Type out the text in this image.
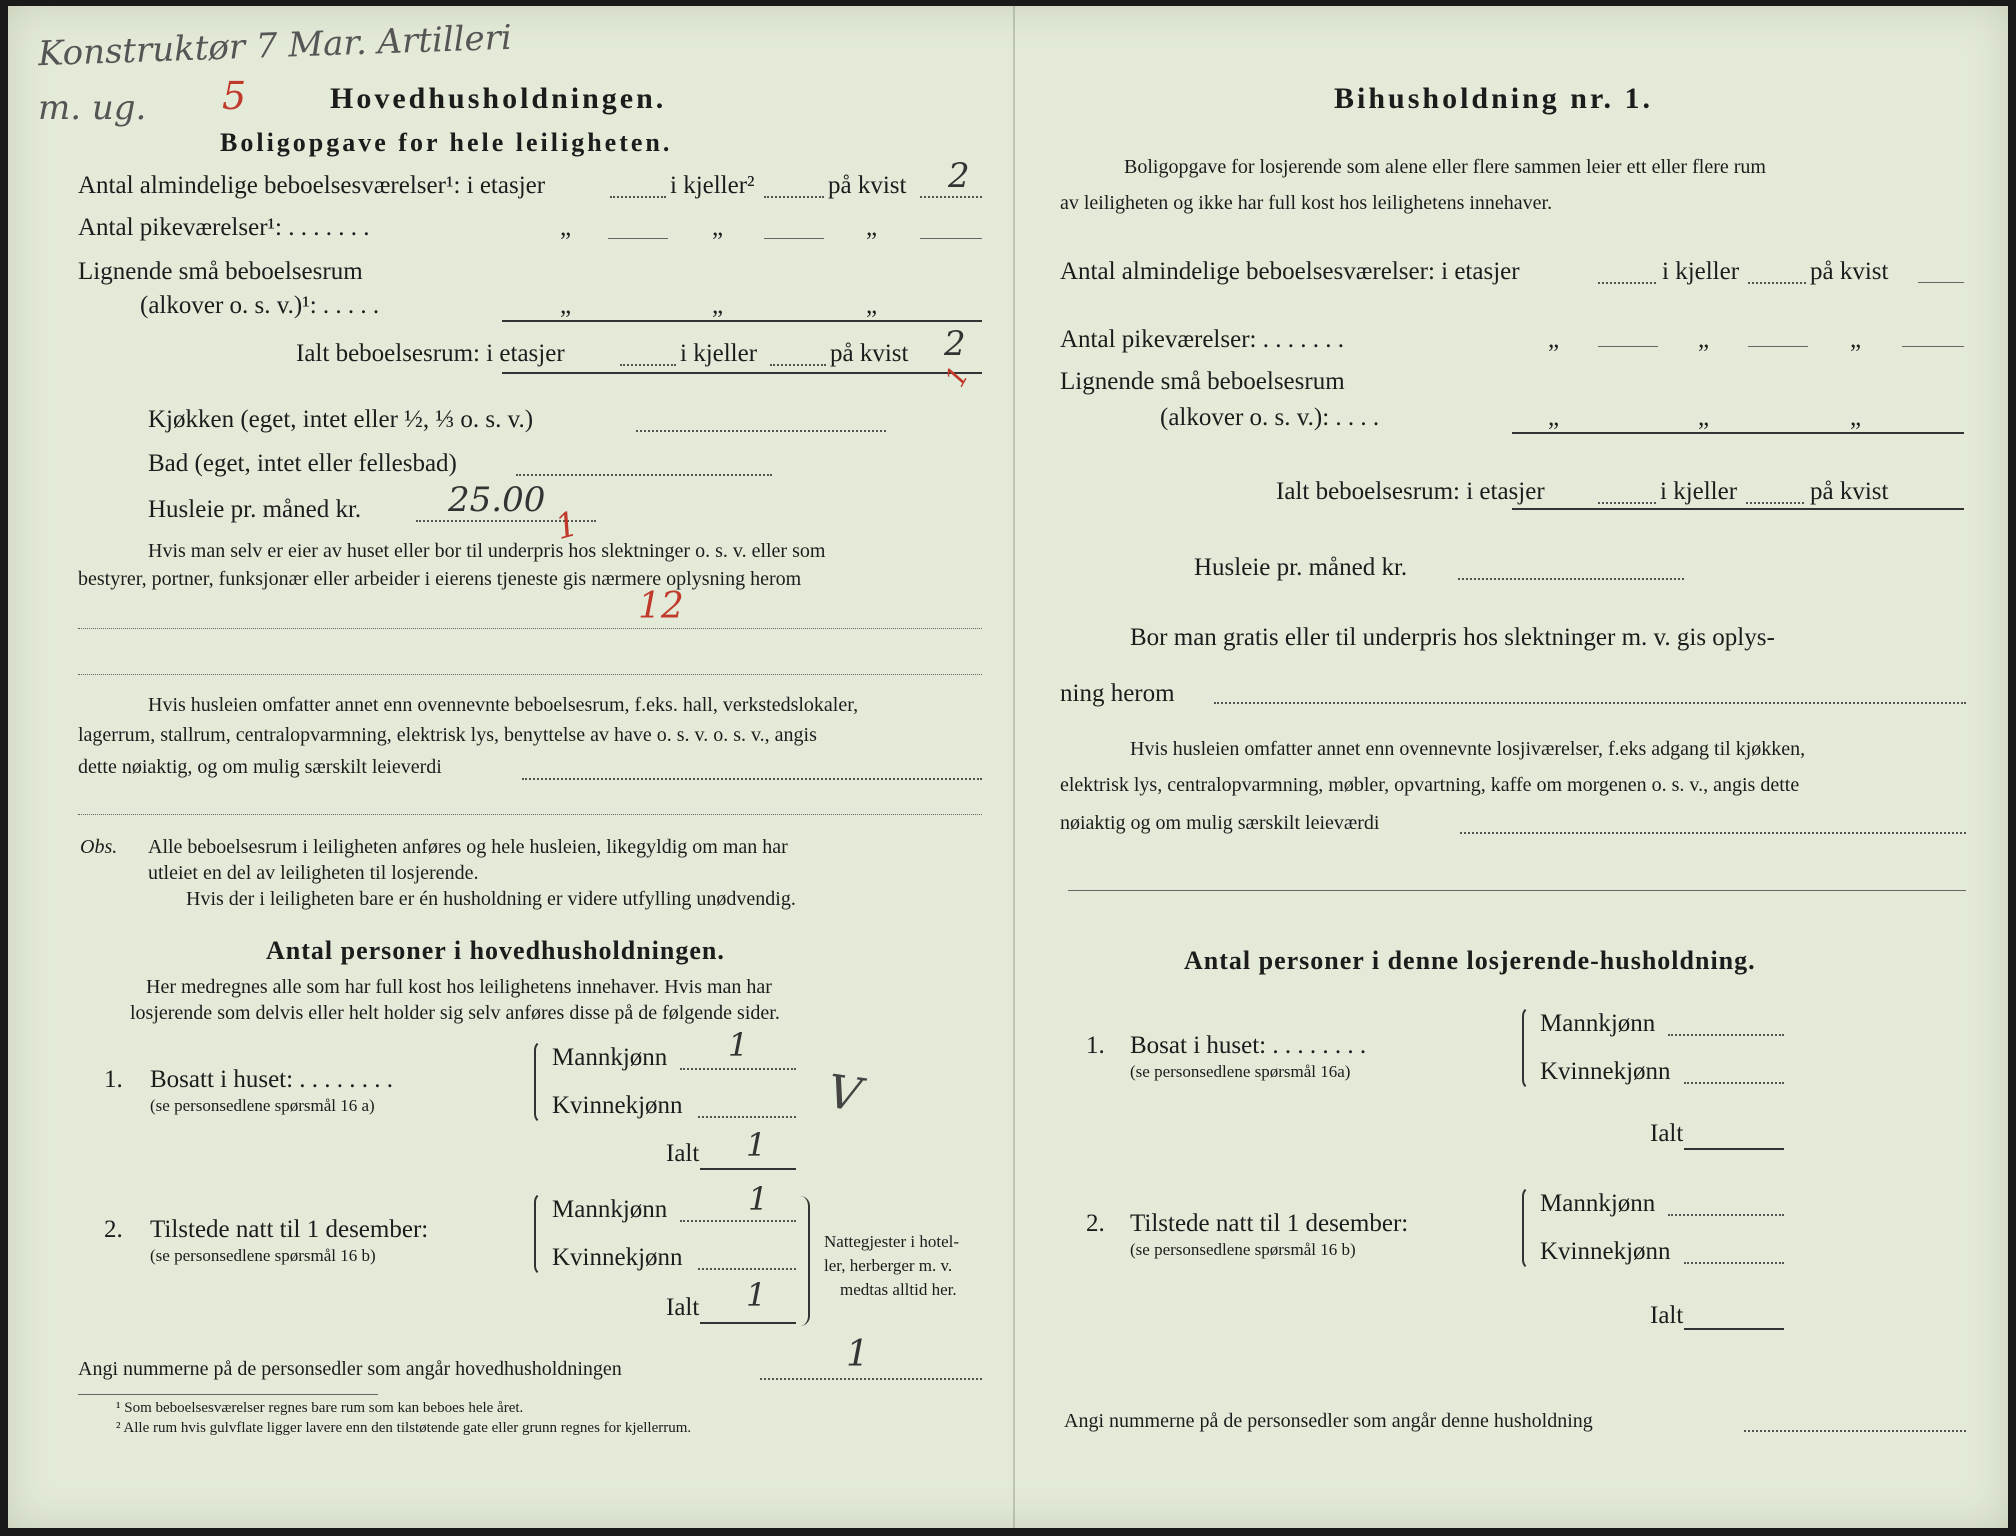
Konstruktør 7 Mar. Artilleri
m. ug. 5	Hovedhusholdningen.
Boligopgave for hele leiligheten.
Antal almindelige beboelsesværelser¹: i etasjer	i kjeller²	på kvist 2
Antal pikeværelser¹: . . . . . . .	„	„	„
Lignende små beboelsesrum
(alkover o. s. v.)¹: . . . . .	„	„	„
Ialt beboelsesrum: i etasjer	i kjeller	på kvist 2
1
Kjøkken (eget, intet eller ½, ⅓ o. s. v.)
Bad (eget, intet eller fellesbad)
Husleie pr. måned kr.	25.00
1
Hvis man selv er eier av huset eller bor til underpris hos slektninger o. s. v. eller som
bestyrer, portner, funksjonær eller arbeider i eierens tjeneste gis nærmere oplysning herom
12
Hvis husleien omfatter annet enn ovennevnte beboelsesrum, f.eks. hall, verkstedslokaler,
lagerrum, stallrum, centralopvarmning, elektrisk lys, benyttelse av have o. s. v. o. s. v., angis
dette nøiaktig, og om mulig særskilt leieverdi
Obs. Alle beboelsesrum i leiligheten anføres og hele husleien, likegyldig om man har
utleiet en del av leiligheten til losjerende.
Hvis der i leiligheten bare er én husholdning er videre utfylling unødvendig.
Antal personer i hovedhusholdningen.
Her medregnes alle som har full kost hos leilighetens innehaver. Hvis man har
losjerende som delvis eller helt holder sig selv anføres disse på de følgende sider.
1. Bosatt i huset: . . . . . . . .
(se personsedlene spørsmål 16 a)
Mannkjønn 1
Kvinnekjønn	V
Ialt 1
2. Tilstede natt til 1 desember:
(se personsedlene spørsmål 16 b)
Mannkjønn	1
Kvinnekjønn
Ialt 1
Nattegjester i hotel-
ler, herberger m. v.
medtas alltid her.
Angi nummerne på de personsedler som angår hovedhusholdningen	1
¹ Som beboelsesværelser regnes bare rum som kan beboes hele året.
² Alle rum hvis gulvflate ligger lavere enn den tilstøtende gate eller grunn regnes for kjellerrum.
Bihusholdning nr. 1.
Boligopgave for losjerende som alene eller flere sammen leier ett eller flere rum
av leiligheten og ikke har full kost hos leilighetens innehaver.
Antal almindelige beboelsesværelser: i etasjer	i kjeller	på kvist
Antal pikeværelser: . . . . . . .	„	„	„
Lignende små beboelsesrum
(alkover o. s. v.): . . . .	„	„	„
Ialt beboelsesrum: i etasjer	i kjeller	på kvist
Husleie pr. måned kr.
Bor man gratis eller til underpris hos slektninger m. v. gis oplys-
ning herom
Hvis husleien omfatter annet enn ovennevnte losjiværelser, f.eks adgang til kjøkken,
elektrisk lys, centralopvarmning, møbler, opvartning, kaffe om morgenen o. s. v., angis dette
nøiaktig og om mulig særskilt leieværdi
Antal personer i denne losjerende-husholdning.
1. Bosat i huset: . . . . . . . .
(se personsedlene spørsmål 16a)
Mannkjønn
Kvinnekjønn
Ialt
2. Tilstede natt til 1 desember:
(se personsedlene spørsmål 16 b)
Mannkjønn
Kvinnekjønn
Ialt
Angi nummerne på de personsedler som angår denne husholdning
